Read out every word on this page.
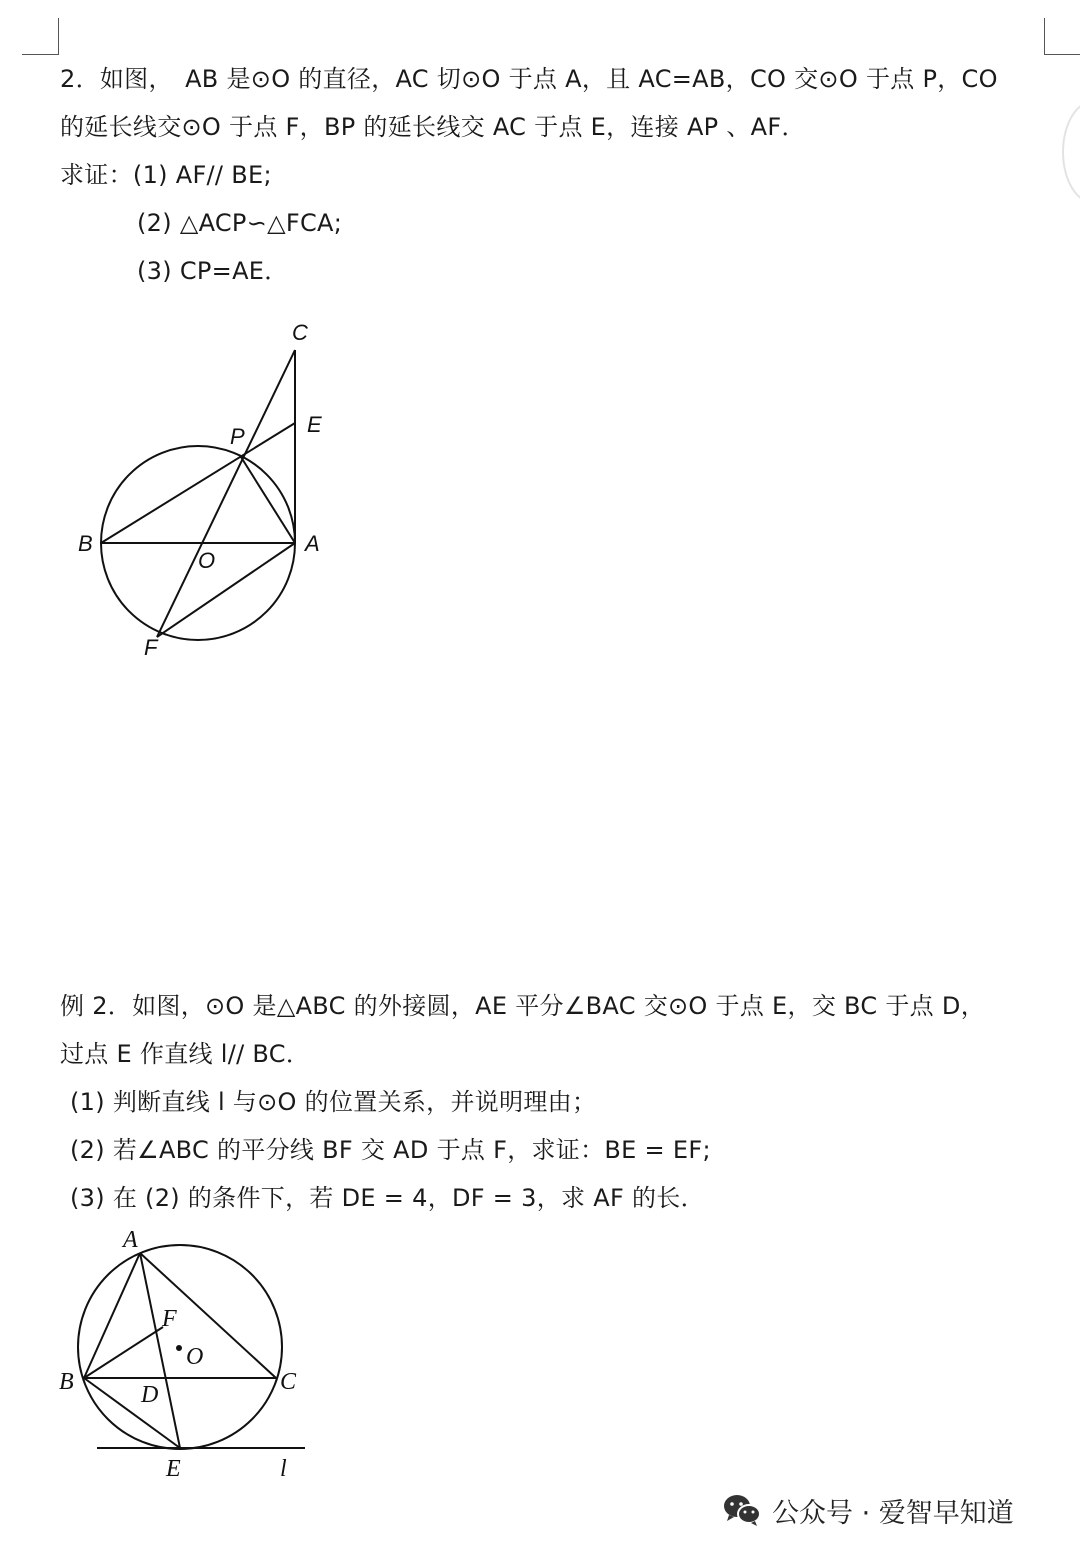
2．如图，　AB 是⊙O 的直径，AC 切⊙O 于点 A，且 AC=AB，CO 交⊙O 于点 P，CO
的延长线交⊙O 于点 F，BP 的延长线交 AC 于点 E，连接 AP 、AF．
求证：(1) AF// BE;
(2) △ACP∽△FCA;
(3) CP=AE．
C
E
P
B	A
O
F
例 2．如图，⊙O 是△ABC 的外接圆，AE 平分∠BAC 交⊙O 于点 E，交 BC 于点 D，
过点 E 作直线 l// BC．
(1) 判断直线 l 与⊙O 的位置关系，并说明理由；
(2) 若∠ABC 的平分线 BF 交 AD 于点 F，求证：BE = EF;
(3) 在 (2) 的条件下，若 DE = 4，DF = 3，求 AF 的长．
A
F
O
B	C
D
E	l
公众号 · 爱智早知道
